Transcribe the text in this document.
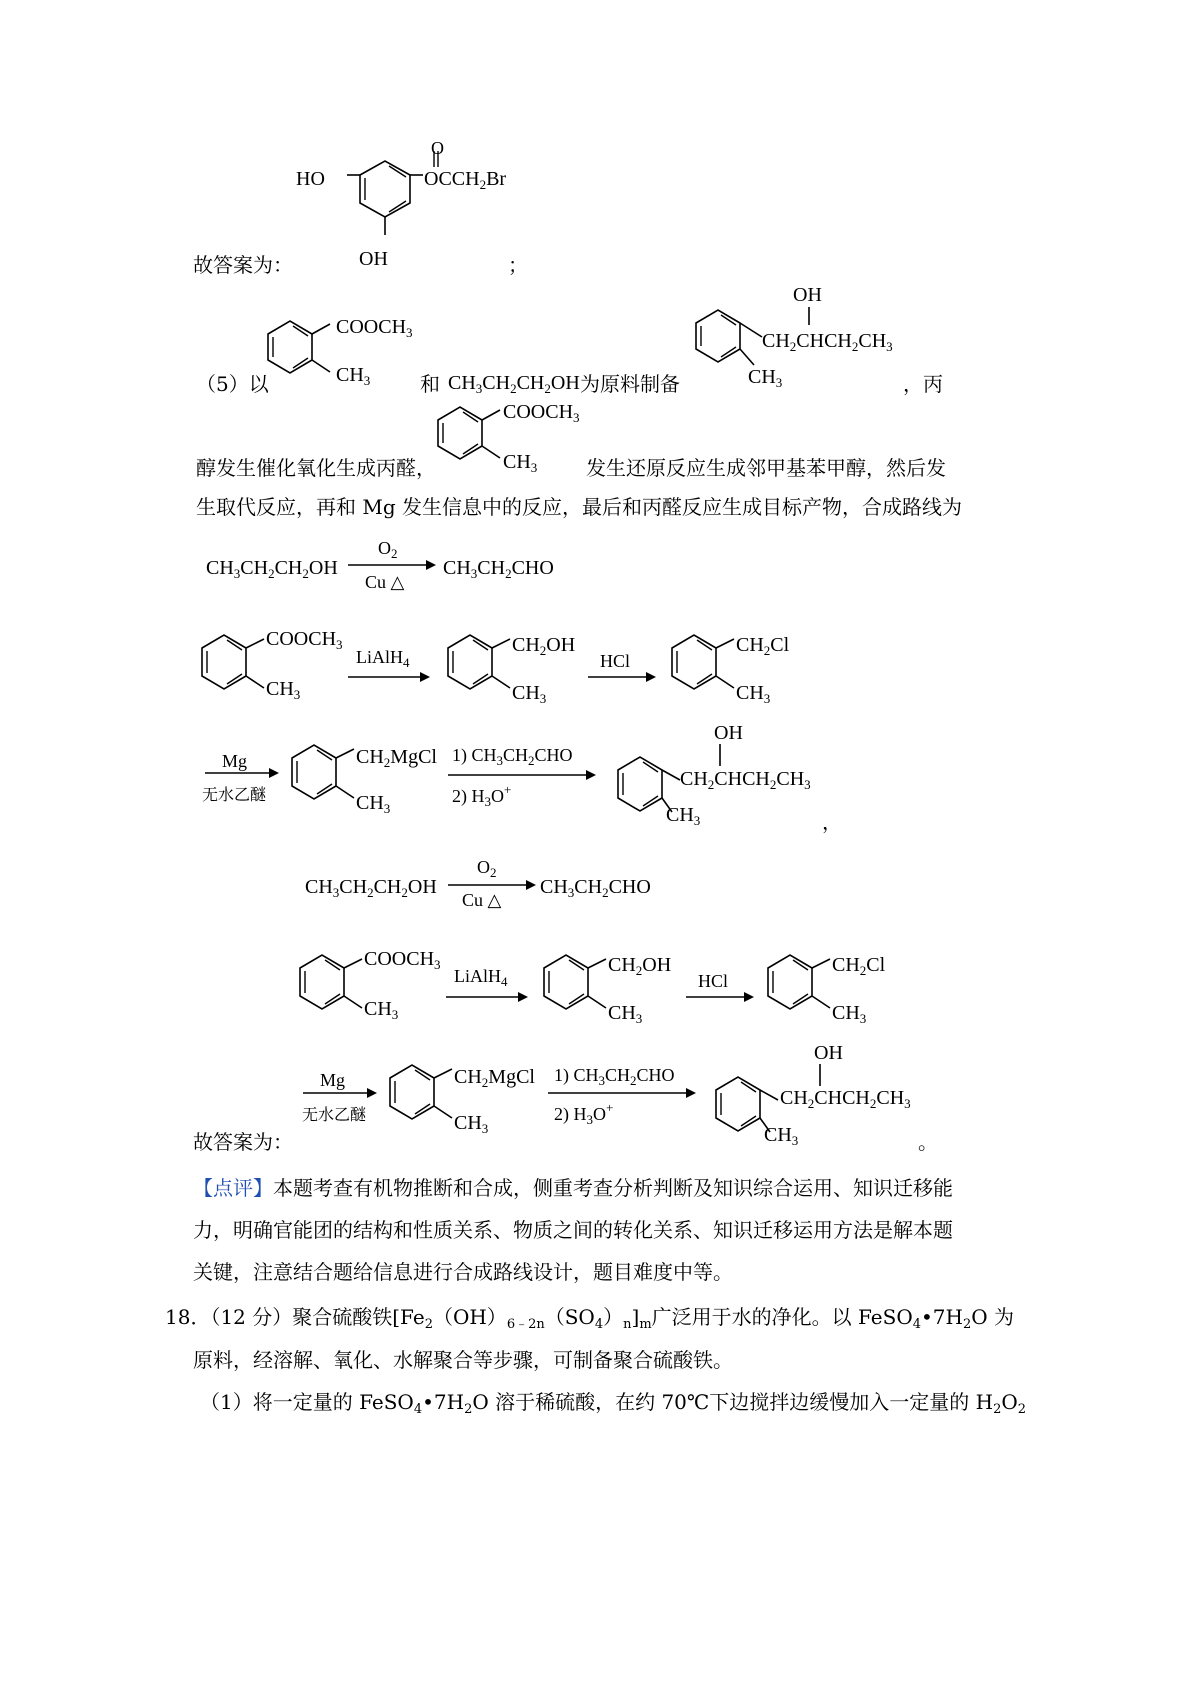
HO
O
$OCCH_2Br$
OH
故答案为：	；
$COOCH_3$
$CH_3$
（5）以	和 $CH_3CH_2CH_2OH$ 为原料制备	，丙
OH
$CH_2CHCH_2CH_3$
$CH_3$
$COOCH_3$
$CH_3$
醇发生催化氧化生成丙醛，	发生还原反应生成邻甲基苯甲醇，然后发
生取代反应，再和 Mg 发生信息中的反应，最后和丙醛反应生成目标产物，合成路线为
$CH_3CH_2CH_2OH$
$O_2$
Cu △
$CH_3CH_2CHO$
$COOCH_3$
$CH_3$
LiAlH$_4$
$CH_2OH$
$CH_3$
HCl
$CH_2Cl$
$CH_3$
Mg
无水乙醚
$CH_2MgCl$
$CH_3$
1) $CH_3CH_2CHO$
2) $H_3O^+$
OH
$CH_2CHCH_2CH_3$
$CH_3$	，
$CH_3CH_2CH_2OH$
$O_2$
Cu △
$CH_3CH_2CHO$
$COOCH_3$
$CH_3$
LiAlH$_4$
$CH_2OH$
$CH_3$
HCl
$CH_2Cl$
$CH_3$
Mg
无水乙醚
$CH_2MgCl$
$CH_3$
1) $CH_3CH_2CHO$
2) $H_3O^+$
OH
$CH_2CHCH_2CH_3$
$CH_3$
故答案为：	。
【点评】本题考查有机物推断和合成，侧重考查分析判断及知识综合运用、知识迁移能
力，明确官能团的结构和性质关系、物质之间的转化关系、知识迁移运用方法是解本题
关键，注意结合题给信息进行合成路线设计，题目难度中等。
18．（12 分）聚合硫酸铁$[Fe_2(OH)_{6﹣2n}(SO_4)_n]_m$广泛用于水的净化。以 $FeSO_4•7H_2O$ 为
原料，经溶解、氧化、水解聚合等步骤，可制备聚合硫酸铁。
（1）将一定量的 $FeSO_4•7H_2O$ 溶于稀硫酸，在约 70℃下边搅拌边缓慢加入一定量的 $H_2O_2$
